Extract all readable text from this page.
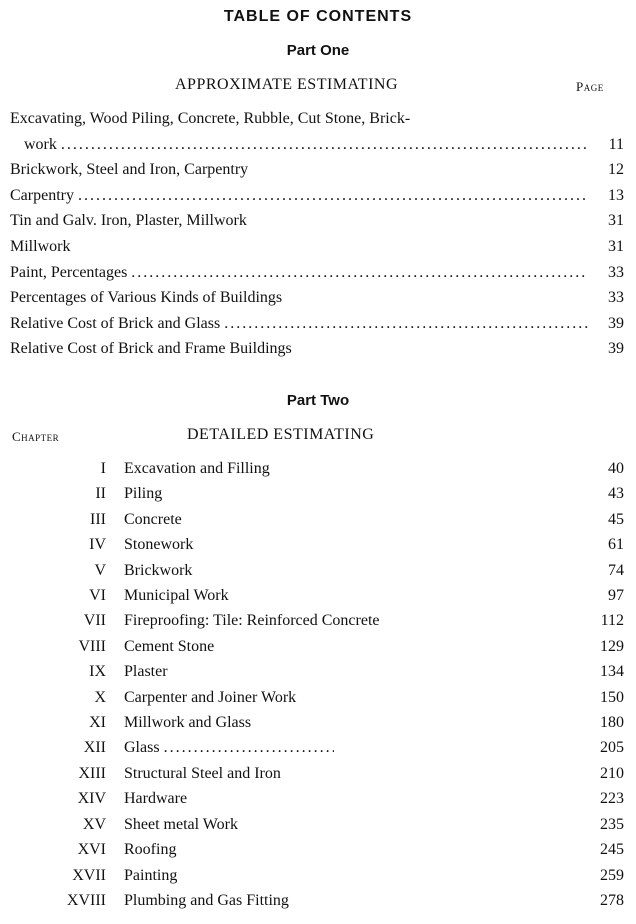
TABLE OF CONTENTS
Part One
APPROXIMATE ESTIMATING	Page
Excavating, Wood Piling, Concrete, Rubble, Cut Stone, Brick-
work .....	11
Brickwork, Steel and Iron, Carpentry	12
Carpentry .....	13
Tin and Galv. Iron, Plaster, Millwork	31
Millwork	31
Paint, Percentages .....	33
Percentages of Various Kinds of Buildings	33
Relative Cost of Brick and Glass .....	39
Relative Cost of Brick and Frame Buildings	39
Part Two
Chapter	DETAILED ESTIMATING
I	Excavation and Filling	40
II	Piling	43
III	Concrete	45
IV	Stonework	61
V	Brickwork	74
VI	Municipal Work	97
VII	Fireproofing: Tile: Reinforced Concrete	112
VIII	Cement Stone	129
IX	Plaster	134
X	Carpenter and Joiner Work	150
XI	Millwork and Glass	180
XII	Glass .....	205
XIII	Structural Steel and Iron	210
XIV	Hardware	223
XV	Sheet metal Work	235
XVI	Roofing	245
XVII	Painting	259
XVIII	Plumbing and Gas Fitting	278
